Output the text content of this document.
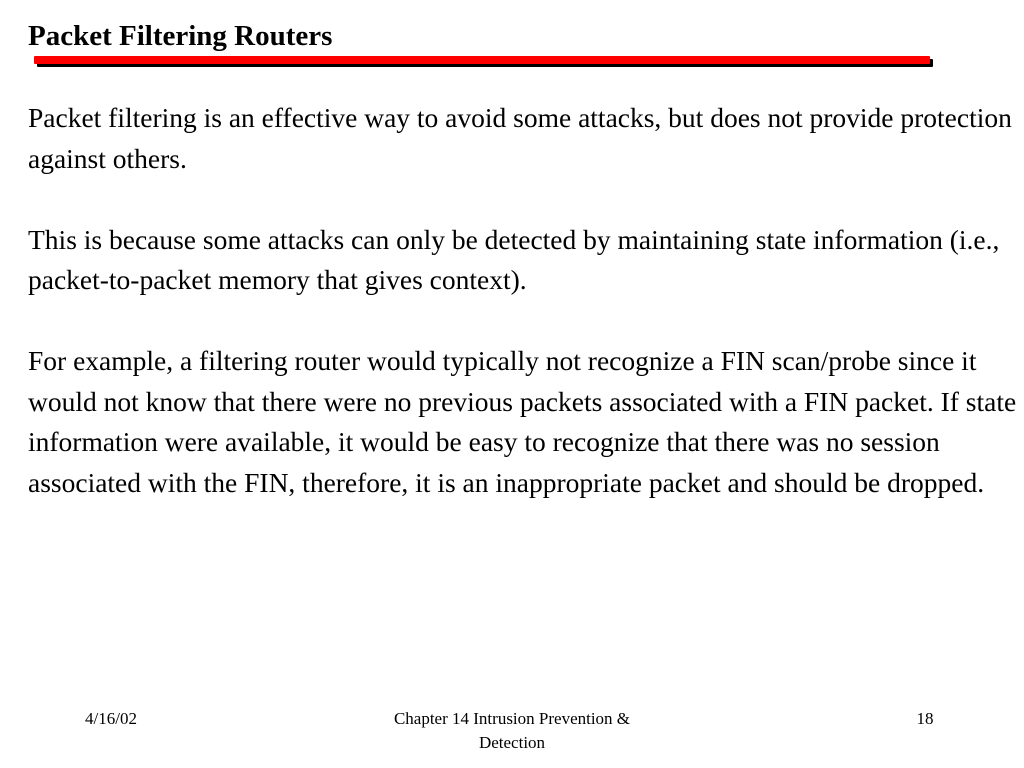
Packet Filtering Routers

Packet filtering is an effective way to avoid some attacks, but does not provide protection against others.

This is because some attacks can only be detected by maintaining state information (i.e., packet-to-packet memory that gives context).

For example, a filtering router would typically not recognize a FIN scan/probe since it would not know that there were no previous packets associated with a FIN packet. If state information were available, it would be easy to recognize that there was no session associated with the FIN, therefore, it is an inappropriate packet and should be dropped.

4/16/02	Chapter 14 Intrusion Prevention & Detection
18
